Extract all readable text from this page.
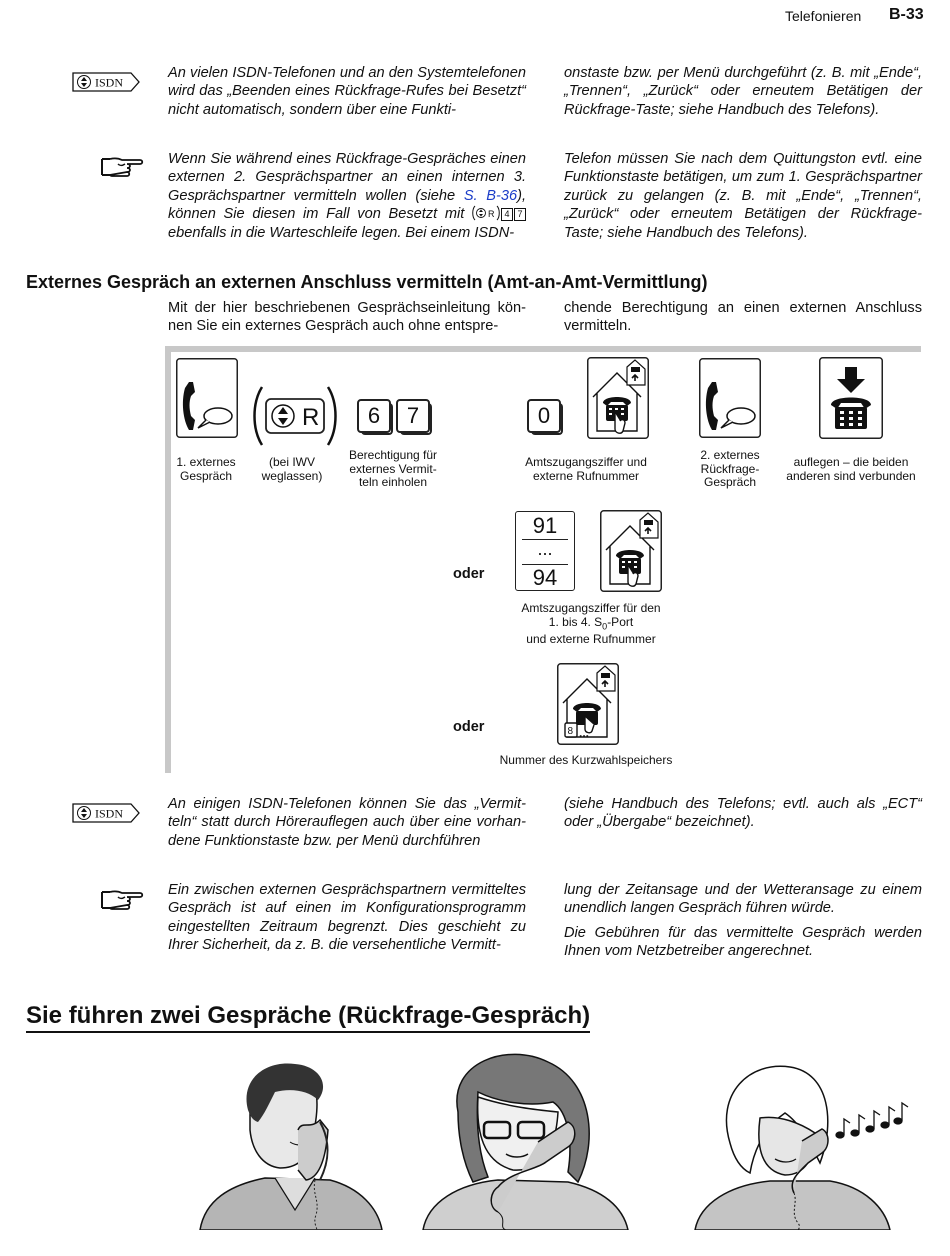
Telefonieren B-33
ISDN

An vielen ISDN-Telefonen und an den Systemtelefonen wird das „Beenden eines Rückfrage-Rufes bei Besetzt“ nicht automatisch, sondern über eine Funkti-

onstaste bzw. per Menü durchgeführt (z. B. mit „Ende“, „Trennen“, „Zurück“ oder erneutem Betätigen der Rückfrage-Taste; siehe Handbuch des Telefons).

Wenn Sie während eines Rückfrage-Gespräches einen externen 2. Gesprächspartner an einen internen 3. Gesprächspartner vermitteln wollen (siehe S. B-36), können Sie diesen im Fall von Besetzt mit R 4 7 ebenfalls in die Warteschleife legen. Bei einem ISDN-

Telefon müssen Sie nach dem Quittungston evtl. eine Funktionstaste betätigen, um zum 1. Gesprächspartner zurück zu gelangen (z. B. mit „Ende“, „Trennen“, „Zurück“ oder erneutem Betätigen der Rückfrage-Taste; siehe Handbuch des Telefons).

Externes Gespräch an externen Anschluss vermitteln (Amt-an-Amt-Vermittlung)

Mit der hier beschriebenen Gesprächseinleitung können Sie ein externes Gespräch auch ohne entspre-

chende Berechtigung an einen externen Anschluss vermitteln.

1. externes Gespräch
R
(bei IWV weglassen)
6	7
Berechtigung für externes Vermitteln einholen
0
Amtszugangsziffer und externe Rufnummer
2. externes Rückfrage-Gespräch
auflegen – die beiden anderen sind verbunden
oder
91
...
94
Amtszugangsziffer für den
1. bis 4. $S_0$-Port
und externe Rufnummer
oder	8 ...
Nummer des Kurzwahlspeichers
ISDN

An einigen ISDN-Telefonen können Sie das „Vermitteln“ statt durch Hörerauflegen auch über eine vorhandene Funktionstaste bzw. per Menü durchführen

(siehe Handbuch des Telefons; evtl. auch als „ECT“ oder „Übergabe“ bezeichnet).

Ein zwischen externen Gesprächspartnern vermitteltes Gespräch ist auf einen im Konfigurationsprogramm eingestellten Zeitraum begrenzt. Dies geschieht zu Ihrer Sicherheit, da z. B. die versehentliche Vermitt-

lung der Zeitansage und der Wetteransage zu einem unendlich langen Gespräch führen würde.

Die Gebühren für das vermittelte Gespräch werden Ihnen vom Netzbetreiber angerechnet.

Sie führen zwei Gespräche (Rückfrage-Gespräch)
